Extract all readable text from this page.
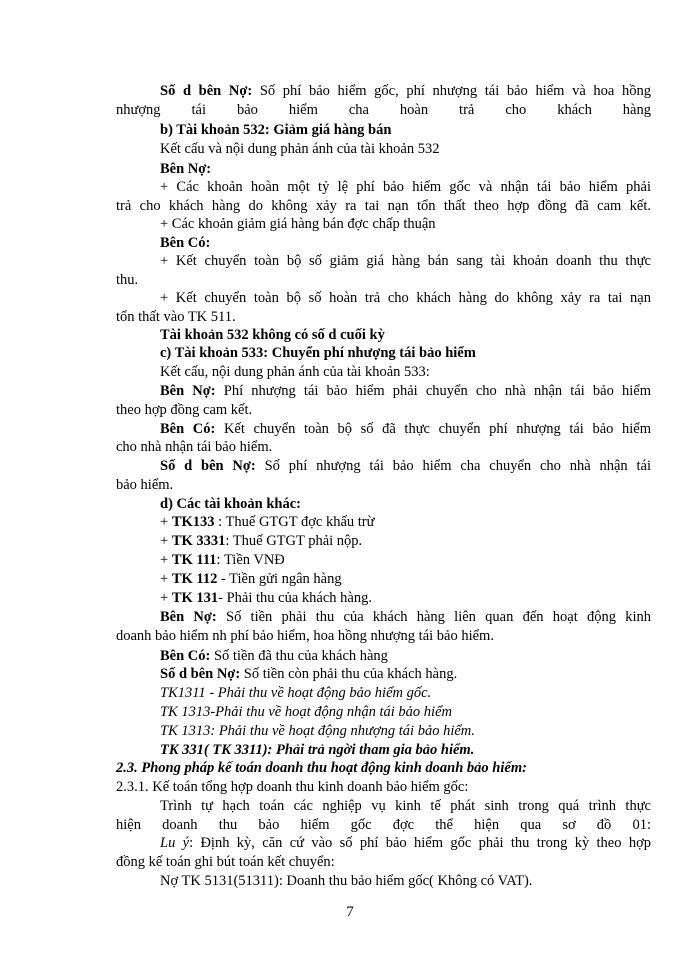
Số d bên Nợ: Số phí bảo hiểm gốc, phí nhượng tái bảo hiểm và hoa hồng
nhượng tái bảo hiểm cha hoàn trả cho khách hàng
b) Tài khoản 532: Giảm giá hàng bán
Kết cấu và nội dung phản ánh của tài khoản 532
Bên Nợ:
+ Các khoản hoàn một tỷ lệ phí bảo hiểm gốc và nhận tái bảo hiểm phải
trả cho khách hàng do không xảy ra tai nạn tổn thất theo hợp đồng đã cam kết.
+ Các khoản giảm giá hàng bán đợc chấp thuận
Bên Có:
+ Kết chuyển toàn bộ số giảm giá hàng bán sang tài khoản doanh thu thực
thu.
+ Kết chuyển toàn bộ số hoàn trả cho khách hàng do không xảy ra tai nạn
tổn thất vào TK 511.
Tài khoản 532 không có số d cuối kỳ
c) Tài khoản 533: Chuyển phí nhượng tái bảo hiểm
Kết cấu, nội dung phản ánh của tài khoản 533:
Bên Nợ: Phí nhượng tái bảo hiểm phải chuyển cho nhà nhận tái bảo hiểm
theo hợp đồng cam kết.
Bên Có: Kết chuyển toàn bộ số đã thực chuyển phí nhượng tái bảo hiểm
cho nhà nhận tái bảo hiểm.
Số d bên Nợ: Số phí nhượng tái bảo hiểm cha chuyển cho nhà nhận tái
bảo hiểm.
d) Các tài khoản khác:
+ TK133 : Thuế GTGT đợc khấu trừ
+ TK 3331: Thuế GTGT phải nộp.
+ TK 111: Tiền VNĐ
+ TK 112 - Tiền gửi ngân hàng
+ TK 131- Phải thu của khách hàng.
Bên Nợ: Số tiền phải thu của khách hàng liên quan đến hoạt động kinh
doanh bảo hiểm nh phí bảo hiểm, hoa hồng nhượng tái bảo hiểm.
Bên Có: Số tiền đã thu của khách hàng
Số d bên Nợ: Số tiền còn phải thu của khách hàng.
TK1311 - Phải thu về hoạt động bảo hiểm gốc.
TK 1313-Phải thu về hoạt động nhận tái bảo hiểm
TK 1313: Phải thu về hoạt động nhượng tái bảo hiểm.
TK 331( TK 3311): Phải trả ngời tham gia bảo hiểm.
2.3. Phong pháp kế toán doanh thu hoạt động kinh doanh bảo hiểm:
2.3.1. Kế toán tổng hợp doanh thu kinh doanh bảo hiểm gốc:
Trình tự hạch toán các nghiệp vụ kinh tế phát sinh trong quá trình thực
hiện doanh thu bảo hiểm gốc đợc thể hiện qua sơ đồ 01:
Lu ý: Định kỳ, căn cứ vào số phí bảo hiểm gốc phải thu trong kỳ theo hợp
đồng kế toán ghi bút toán kết chuyển:
Nợ TK 5131(51311): Doanh thu bảo hiểm gốc( Không có VAT).
7
